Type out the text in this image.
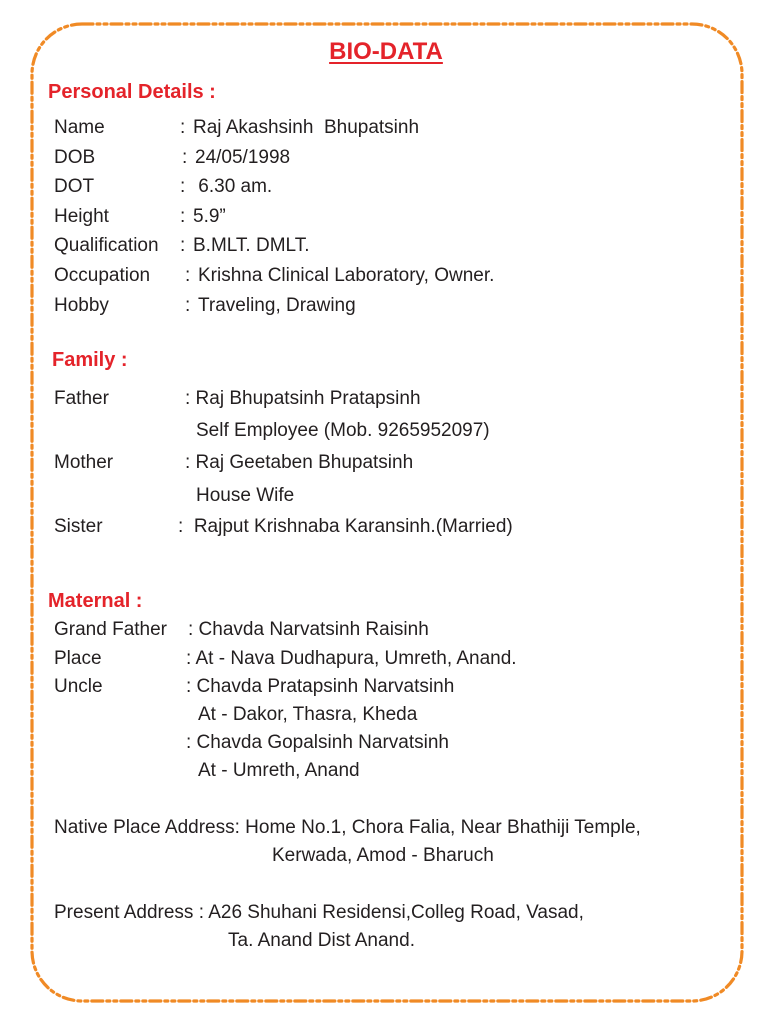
BIO-DATA
Personal Details :
Name	: Raj Akashsinh  Bhupatsinh
DOB	: 24/05/1998
DOT	: 6.30 am.
Height	: 5.9”
Qualification : B.MLT. DMLT.
Occupation : Krishna Clinical Laboratory, Owner.
Hobby	: Traveling, Drawing
Family :
Father	: Raj Bhupatsinh Pratapsinh
Self Employee (Mob. 9265952097)
Mother	: Raj Geetaben Bhupatsinh
House Wife
Sister	:  Rajput Krishnaba Karansinh.(Married)
Maternal :
Grand Father : Chavda Narvatsinh Raisinh
Place	: At - Nava Dudhapura, Umreth, Anand.
Uncle	: Chavda Pratapsinh Narvatsinh
At - Dakor, Thasra, Kheda
: Chavda Gopalsinh Narvatsinh
At - Umreth, Anand
Native Place Address: Home No.1, Chora Falia, Near Bhathiji Temple,
Kerwada, Amod - Bharuch
Present Address : A26 Shuhani Residensi,Colleg Road, Vasad,
Ta. Anand Dist Anand.
